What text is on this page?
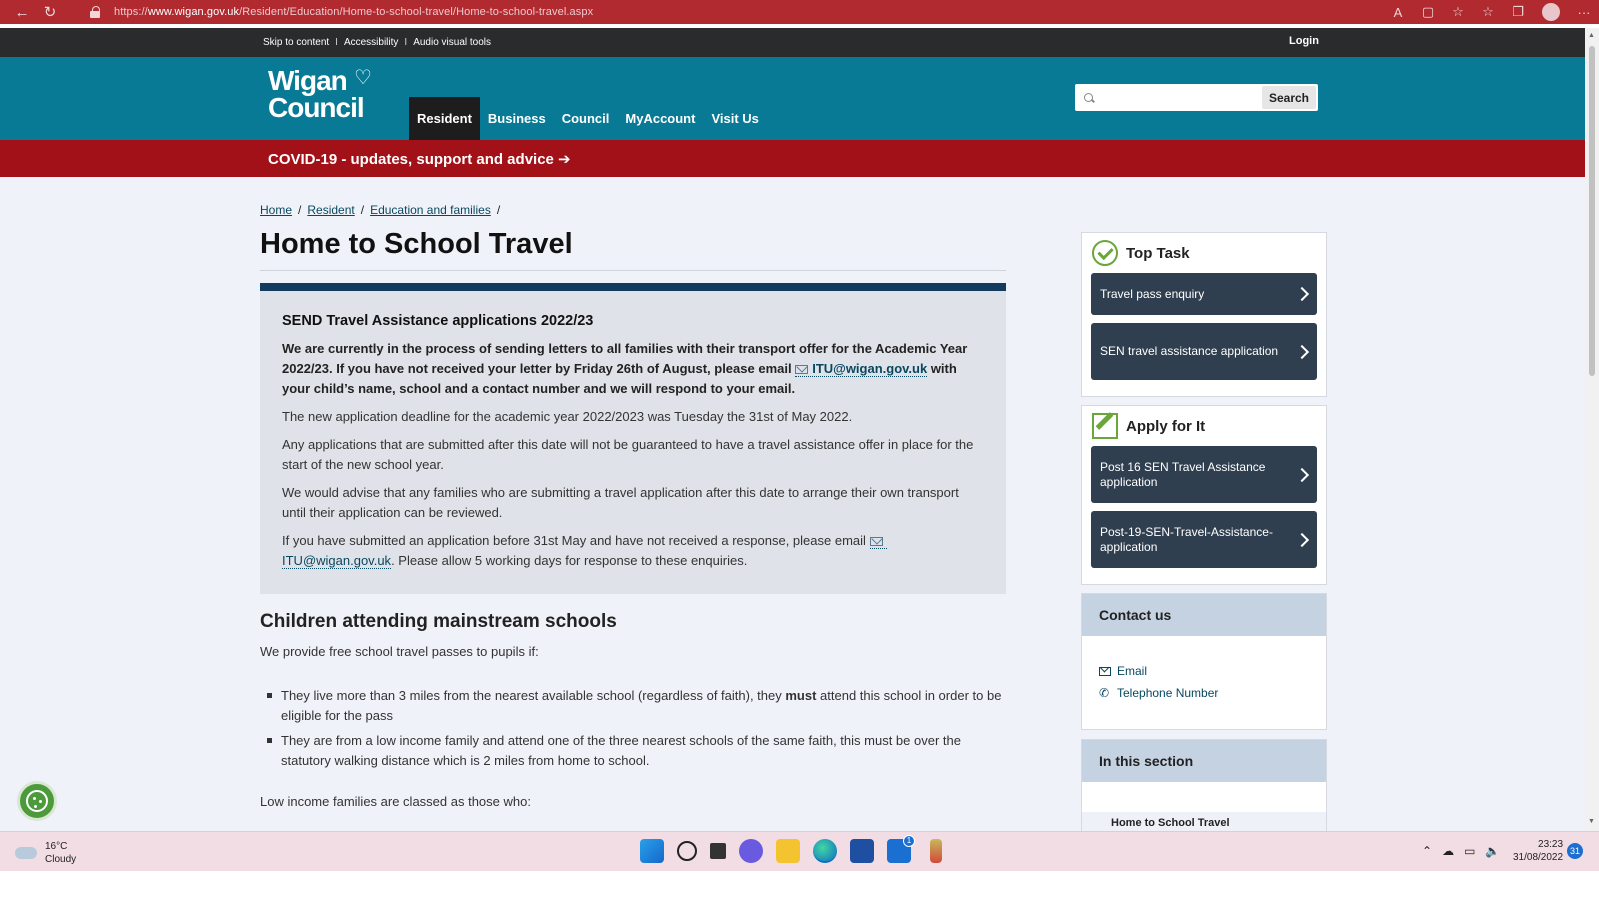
← ↻	https://www.wigan.gov.uk/Resident/Education/Home-to-school-travel/Home-to-school-travel.aspx	A	▢	☆	☆	❐	···
Skip to content I Accessibility I Audio visual tools	Login
Wigan
Council
♡
Resident	Business	Council	MyAccount	Visit Us
Search
COVID-19 - updates, support and advice ➔
Home / Resident / Education and families /
Home to School Travel
SEND Travel Assistance applications 2022/23

We are currently in the process of sending letters to all families with their transport offer for the Academic Year 2022/23. If you have not received your letter by Friday 26th of August, please email ITU@wigan.gov.uk with your child’s name, school and a contact number and we will respond to your email.

The new application deadline for the academic year 2022/2023 was Tuesday the 31st of May 2022.

Any applications that are submitted after this date will not be guaranteed to have a travel assistance offer in place for the start of the new school year.

We would advise that any families who are submitting a travel application after this date to arrange their own transport until their application can be reviewed.

If you have submitted an application before 31st May and have not received a response, please email ITU@wigan.gov.uk. Please allow 5 working days for response to these enquiries.

Children attending mainstream schools

We provide free school travel passes to pupils if:

They live more than 3 miles from the nearest available school (regardless of faith), they must attend this school in order to be eligible for the pass
They are from a low income family and attend one of the three nearest schools of the same faith, this must be over the statutory walking distance which is 2 miles from home to school.

Low income families are classed as those who:

Top Task
Travel pass enquiry
SEN travel assistance application
Apply for It
Post 16 SEN Travel Assistance application
Post-19-SEN-Travel-Assistance-application
Contact us
Email
✆ Telephone Number
In this section
Home to School Travel
▲
▼
16°C
Cloudy
1
⌃ ☁ ▭ 🔈	23:23
31/08/2022
31
